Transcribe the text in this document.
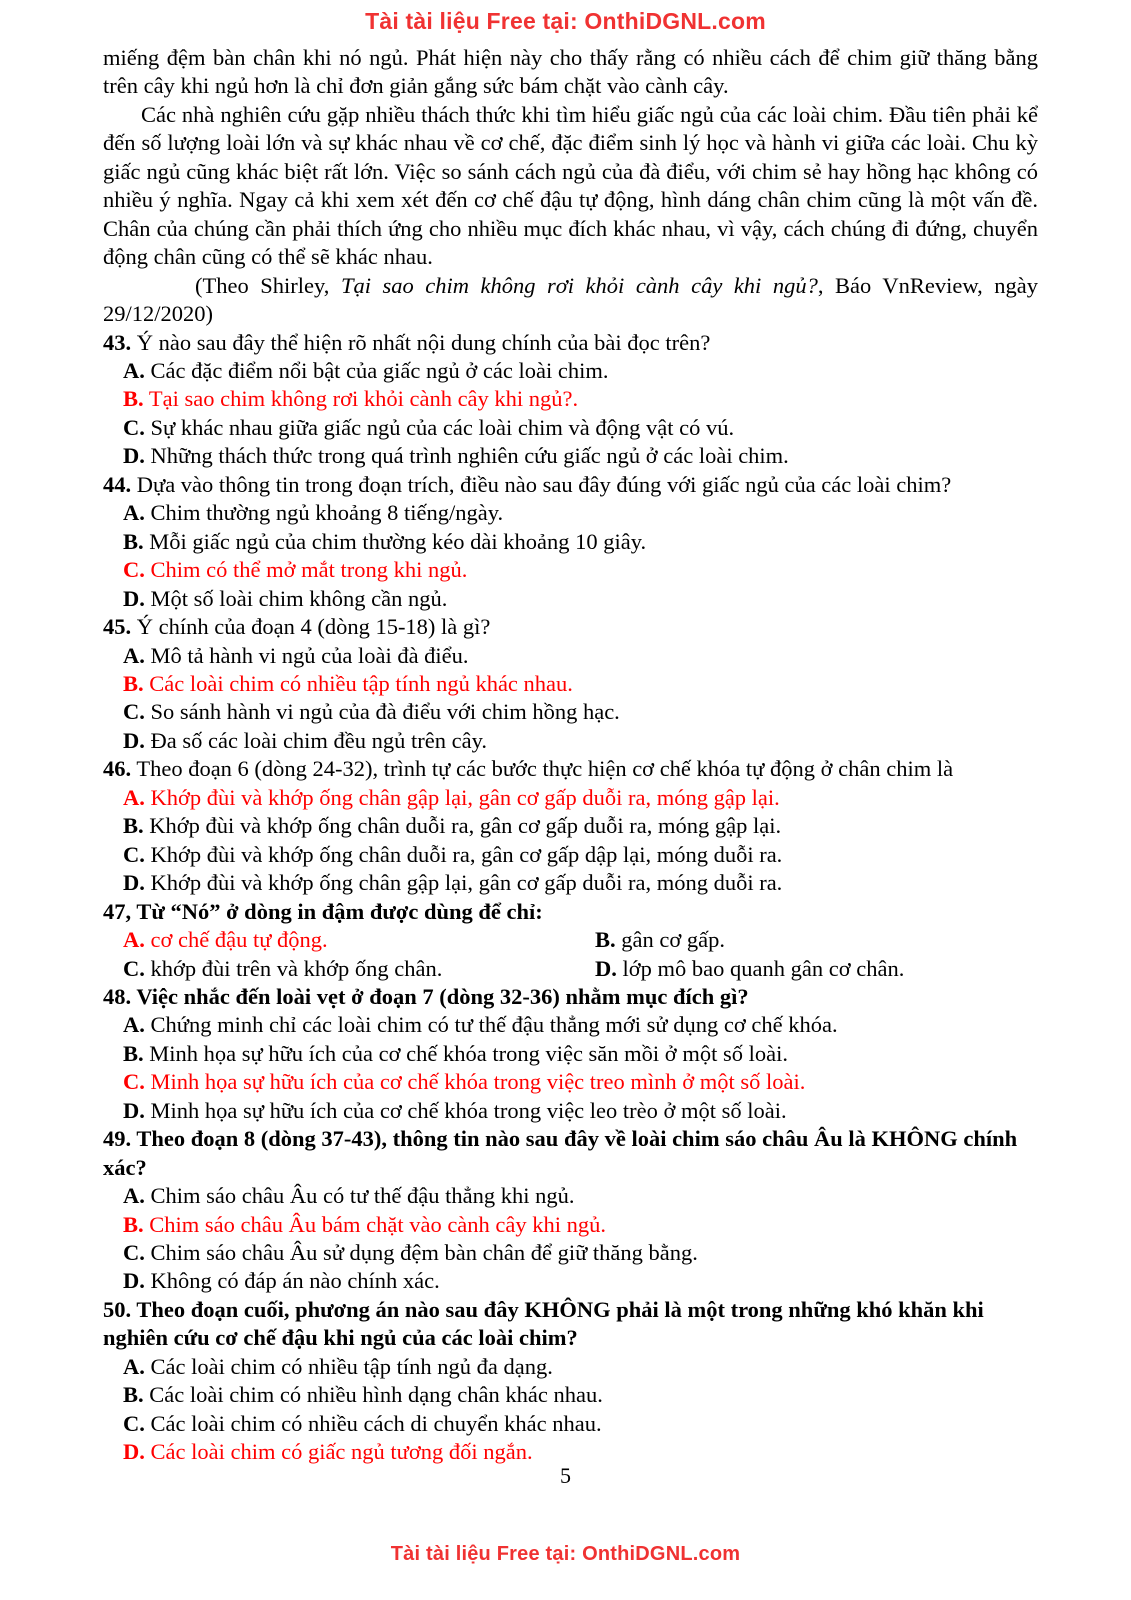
Tài tài liệu Free tại: OnthiDGNL.com

miếng đệm bàn chân khi nó ngủ. Phát hiện này cho thấy rằng có nhiều cách để chim giữ thăng bằng trên cây khi ngủ hơn là chỉ đơn giản gắng sức bám chặt vào cành cây.

Các nhà nghiên cứu gặp nhiều thách thức khi tìm hiểu giấc ngủ của các loài chim. Đầu tiên phải kể đến số lượng loài lớn và sự khác nhau về cơ chế, đặc điểm sinh lý học và hành vi giữa các loài. Chu kỳ giấc ngủ cũng khác biệt rất lớn. Việc so sánh cách ngủ của đà điểu, với chim sẻ hay hồng hạc không có nhiều ý nghĩa. Ngay cả khi xem xét đến cơ chế đậu tự động, hình dáng chân chim cũng là một vấn đề. Chân của chúng cần phải thích ứng cho nhiều mục đích khác nhau, vì vậy, cách chúng đi đứng, chuyển động chân cũng có thể sẽ khác nhau.

(Theo Shirley, Tại sao chim không rơi khỏi cành cây khi ngủ?, Báo VnReview, ngày 29/12/2020)

43. Ý nào sau đây thể hiện rõ nhất nội dung chính của bài đọc trên?

A. Các đặc điểm nổi bật của giấc ngủ ở các loài chim.

B. Tại sao chim không rơi khỏi cành cây khi ngủ?.

C. Sự khác nhau giữa giấc ngủ của các loài chim và động vật có vú.

D. Những thách thức trong quá trình nghiên cứu giấc ngủ ở các loài chim.

44. Dựa vào thông tin trong đoạn trích, điều nào sau đây đúng với giấc ngủ của các loài chim?

A. Chim thường ngủ khoảng 8 tiếng/ngày.

B. Mỗi giấc ngủ của chim thường kéo dài khoảng 10 giây.

C. Chim có thể mở mắt trong khi ngủ.

D. Một số loài chim không cần ngủ.

45. Ý chính của đoạn 4 (dòng 15-18) là gì?

A. Mô tả hành vi ngủ của loài đà điểu.

B. Các loài chim có nhiều tập tính ngủ khác nhau.

C. So sánh hành vi ngủ của đà điểu với chim hồng hạc.

D. Đa số các loài chim đều ngủ trên cây.

46. Theo đoạn 6 (dòng 24-32), trình tự các bước thực hiện cơ chế khóa tự động ở chân chim là

A. Khớp đùi và khớp ống chân gập lại, gân cơ gấp duỗi ra, móng gập lại.

B. Khớp đùi và khớp ống chân duỗi ra, gân cơ gấp duỗi ra, móng gập lại.

C. Khớp đùi và khớp ống chân duỗi ra, gân cơ gấp dập lại, móng duỗi ra.

D. Khớp đùi và khớp ống chân gập lại, gân cơ gấp duỗi ra, móng duỗi ra.

47, Từ “Nó” ở dòng in đậm được dùng để chỉ:

A. cơ chế đậu tự động.	B. gân cơ gấp.
C. khớp đùi trên và khớp ống chân.	D. lớp mô bao quanh gân cơ chân.

48. Việc nhắc đến loài vẹt ở đoạn 7 (dòng 32-36) nhằm mục đích gì?

A. Chứng minh chỉ các loài chim có tư thế đậu thẳng mới sử dụng cơ chế khóa.

B. Minh họa sự hữu ích của cơ chế khóa trong việc săn mồi ở một số loài.

C. Minh họa sự hữu ích của cơ chế khóa trong việc treo mình ở một số loài.

D. Minh họa sự hữu ích của cơ chế khóa trong việc leo trèo ở một số loài.

49. Theo đoạn 8 (dòng 37-43), thông tin nào sau đây về loài chim sáo châu Âu là KHÔNG chính xác?

A. Chim sáo châu Âu có tư thế đậu thẳng khi ngủ.

B. Chim sáo châu Âu bám chặt vào cành cây khi ngủ.

C. Chim sáo châu Âu sử dụng đệm bàn chân để giữ thăng bằng.

D. Không có đáp án nào chính xác.

50. Theo đoạn cuối, phương án nào sau đây KHÔNG phải là một trong những khó khăn khi nghiên cứu cơ chế đậu khi ngủ của các loài chim?

A. Các loài chim có nhiều tập tính ngủ đa dạng.

B. Các loài chim có nhiều hình dạng chân khác nhau.

C. Các loài chim có nhiều cách di chuyển khác nhau.

D. Các loài chim có giấc ngủ tương đối ngắn.

5
Tài tài liệu Free tại: OnthiDGNL.com
